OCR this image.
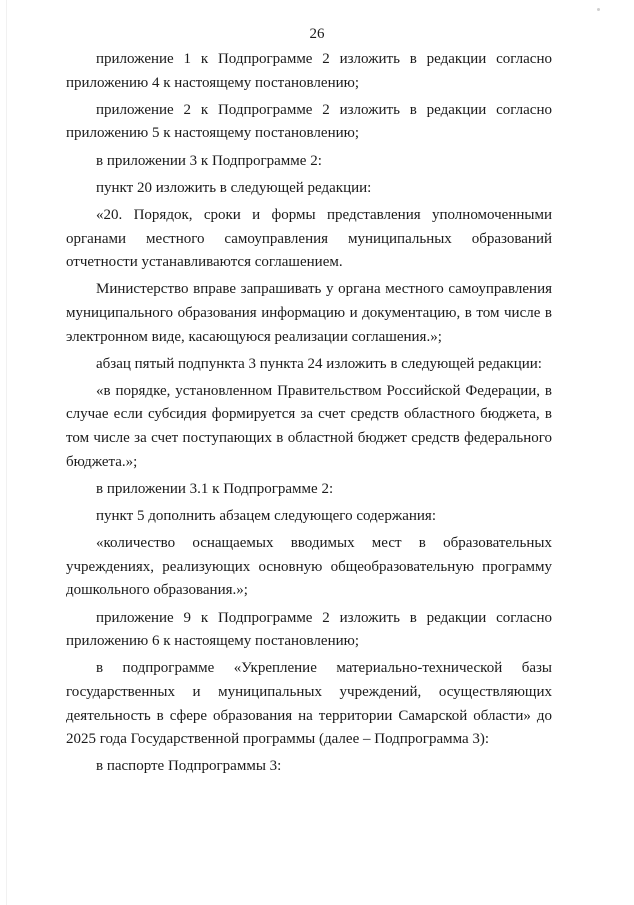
26

приложение 1 к Подпрограмме 2 изложить в редакции согласно приложению 4 к настоящему постановлению;

приложение 2 к Подпрограмме 2 изложить в редакции согласно приложению 5 к настоящему постановлению;

в приложении 3 к Подпрограмме 2:

пункт 20 изложить в следующей редакции:

«20. Порядок, сроки и формы представления уполномоченными органами местного самоуправления муниципальных образований отчетности устанавливаются соглашением.

Министерство вправе запрашивать у органа местного самоуправления муниципального образования информацию и документацию, в том числе в электронном виде, касающуюся реализации соглашения.»;

абзац пятый подпункта 3 пункта 24 изложить в следующей редакции:

«в порядке, установленном Правительством Российской Федерации, в случае если субсидия формируется за счет средств областного бюджета, в том числе за счет поступающих в областной бюджет средств федерального бюджета.»;

в приложении 3.1 к Подпрограмме 2:

пункт 5 дополнить абзацем следующего содержания:

«количество оснащаемых вводимых мест в образовательных учреждениях, реализующих основную общеобразовательную программу дошкольного образования.»;

приложение 9 к Подпрограмме 2 изложить в редакции согласно приложению 6 к настоящему постановлению;

в подпрограмме «Укрепление материально-технической базы государственных и муниципальных учреждений, осуществляющих деятельность в сфере образования на территории Самарской области» до 2025 года Государственной программы (далее – Подпрограмма 3):

в паспорте Подпрограммы 3:
